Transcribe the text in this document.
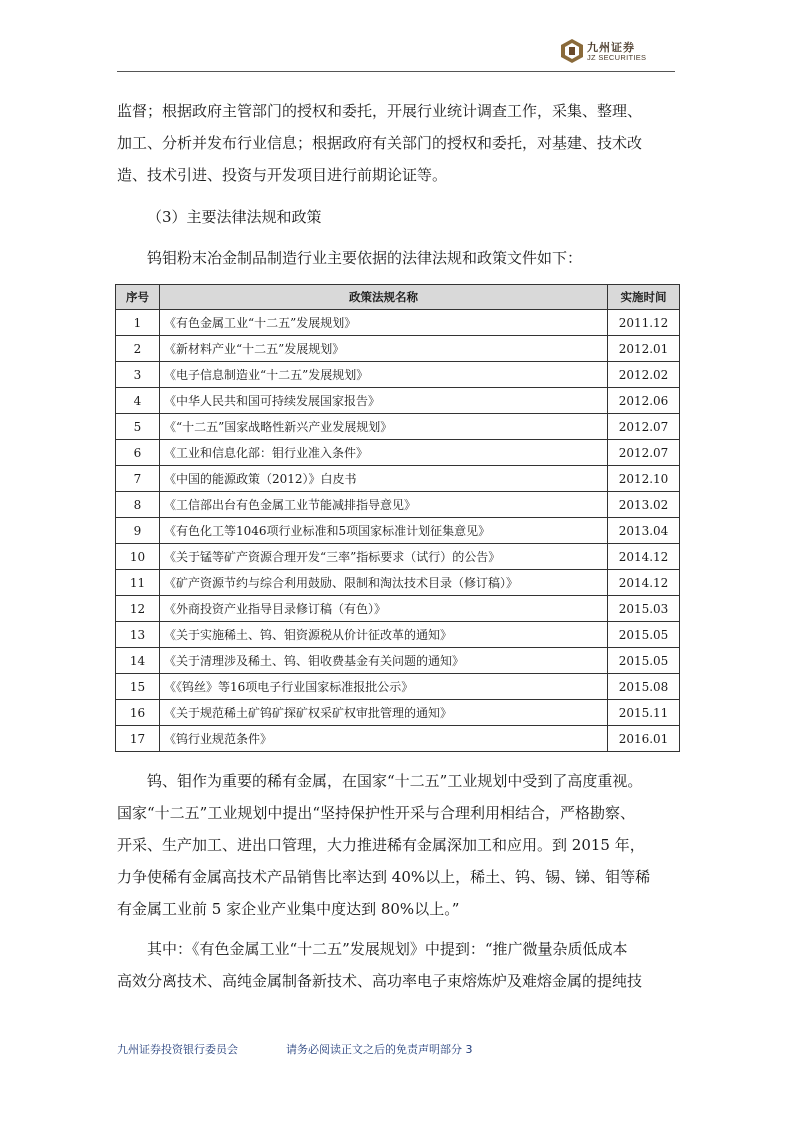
九州证券
JZ SECURITIES
监督；根据政府主管部门的授权和委托，开展行业统计调查工作，采集、整理、
加工、分析并发布行业信息；根据政府有关部门的授权和委托，对基建、技术改
造、技术引进、投资与开发项目进行前期论证等。
（3）主要法律法规和政策
钨钼粉末冶金制品制造行业主要依据的法律法规和政策文件如下：
序号	政策法规名称	实施时间
1	《有色金属工业“十二五”发展规划》	2011.12
2	《新材料产业“十二五”发展规划》	2012.01
3	《电子信息制造业“十二五”发展规划》	2012.02
4	《中华人民共和国可持续发展国家报告》	2012.06
5	《“十二五”国家战略性新兴产业发展规划》	2012.07
6	《工业和信息化部：钼行业准入条件》	2012.07
7	《中国的能源政策（2012）》白皮书	2012.10
8	《工信部出台有色金属工业节能减排指导意见》	2013.02
9	《有色化工等1046项行业标准和5项国家标准计划征集意见》	2013.04
10	《关于锰等矿产资源合理开发“三率”指标要求（试行）的公告》	2014.12
11	《矿产资源节约与综合利用鼓励、限制和淘汰技术目录（修订稿）》	2014.12
12	《外商投资产业指导目录修订稿（有色）》	2015.03
13	《关于实施稀土、钨、钼资源税从价计征改革的通知》	2015.05
14	《关于清理涉及稀土、钨、钼收费基金有关问题的通知》	2015.05
15	《《钨丝》等16项电子行业国家标准报批公示》	2015.08
16	《关于规范稀土矿钨矿探矿权采矿权审批管理的通知》	2015.11
17	《钨行业规范条件》	2016.01
钨、钼作为重要的稀有金属，在国家“十二五”工业规划中受到了高度重视。
国家“十二五”工业规划中提出“坚持保护性开采与合理利用相结合，严格勘察、
开采、生产加工、进出口管理，大力推进稀有金属深加工和应用。到 2015 年，
力争使稀有金属高技术产品销售比率达到 40%以上，稀土、钨、锡、锑、钼等稀
有金属工业前 5 家企业产业集中度达到 80%以上。”
其中：《有色金属工业“十二五”发展规划》中提到：“推广微量杂质低成本
高效分离技术、高纯金属制备新技术、高功率电子束熔炼炉及难熔金属的提纯技
九州证券投资银行委员会	请务必阅读正文之后的免责声明部分 3
